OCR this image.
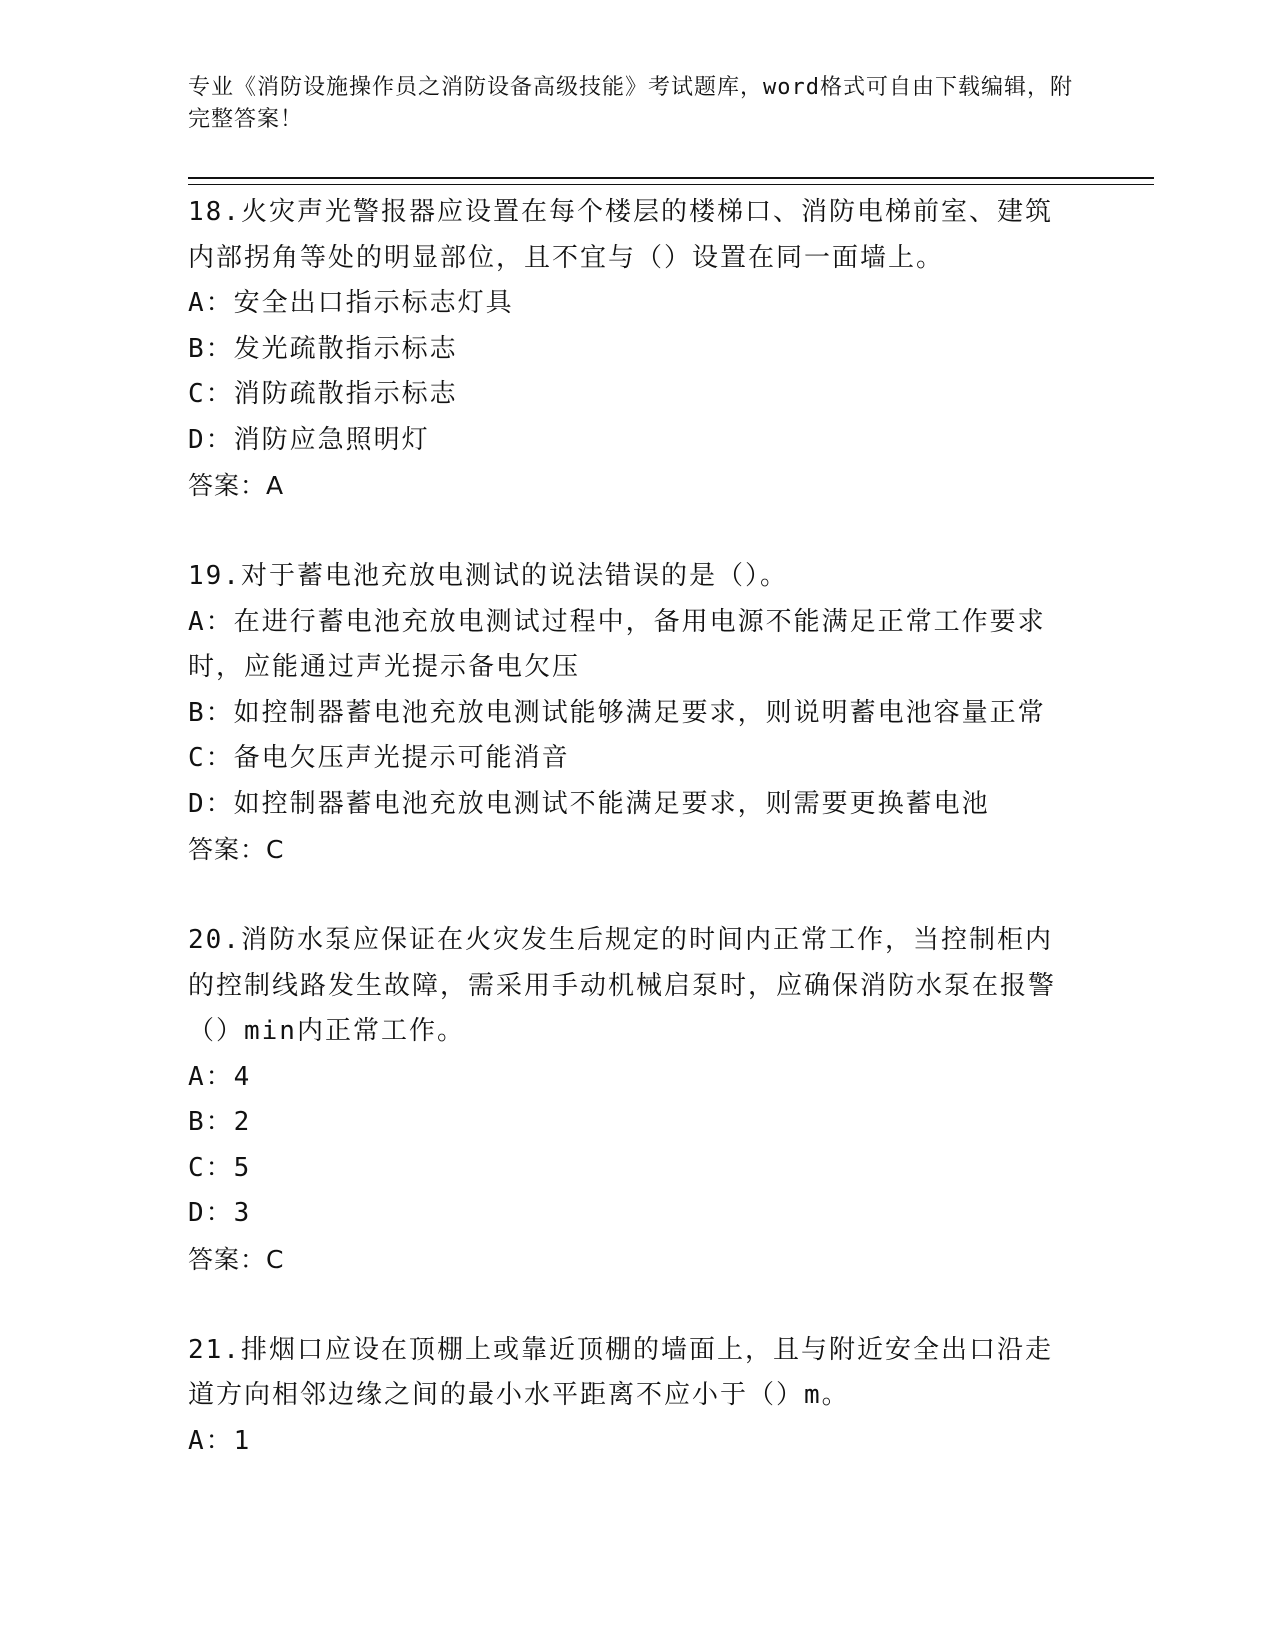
专业《消防设施操作员之消防设备高级技能》考试题库，word格式可自由下载编辑，附完整答案！

18.火灾声光警报器应设置在每个楼层的楼梯口、消防电梯前室、建筑内部拐角等处的明显部位，且不宜与（）设置在同一面墙上。

A：安全出口指示标志灯具

B：发光疏散指示标志

C：消防疏散指示标志

D：消防应急照明灯

答案：A

19.对于蓄电池充放电测试的说法错误的是（）。

A：在进行蓄电池充放电测试过程中，备用电源不能满足正常工作要求时，应能通过声光提示备电欠压

B：如控制器蓄电池充放电测试能够满足要求，则说明蓄电池容量正常

C：备电欠压声光提示可能消音

D：如控制器蓄电池充放电测试不能满足要求，则需要更换蓄电池

答案：C

20.消防水泵应保证在火灾发生后规定的时间内正常工作，当控制柜内的控制线路发生故障，需采用手动机械启泵时，应确保消防水泵在报警（）min内正常工作。

A：4

B：2

C：5

D：3

答案：C

21.排烟口应设在顶棚上或靠近顶棚的墙面上，且与附近安全出口沿走道方向相邻边缘之间的最小水平距离不应小于（）m。

A：1
